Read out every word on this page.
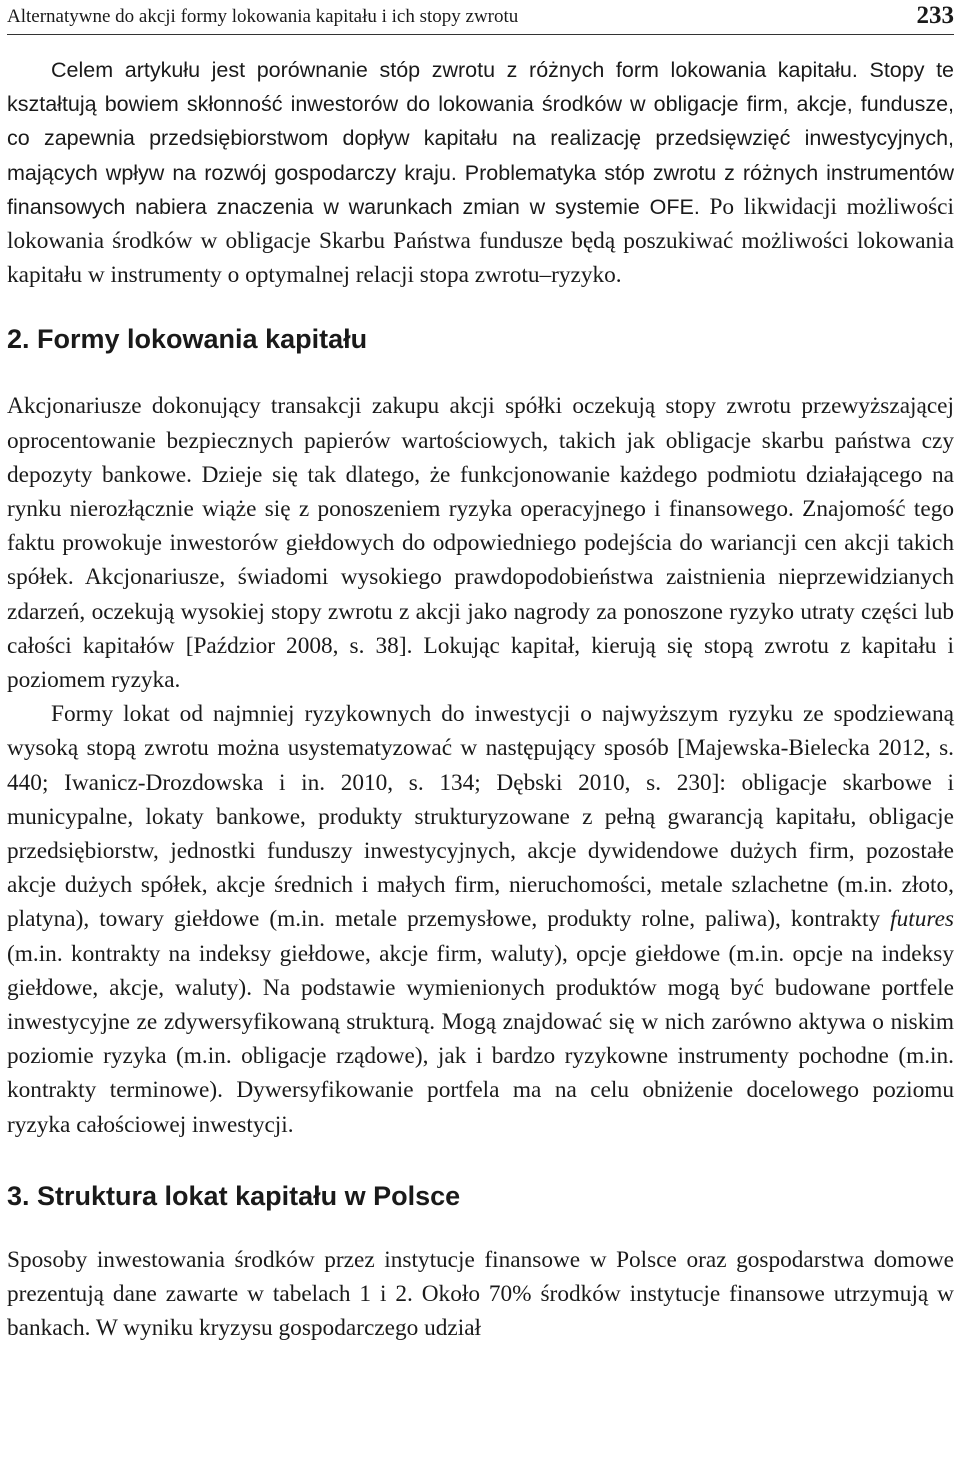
Alternatywne do akcji formy lokowania kapitału i ich stopy zwrotu	233

Celem artykułu jest porównanie stóp zwrotu z różnych form lokowania kapitału. Stopy te kształtują bowiem skłonność inwestorów do lokowania środków w obligacje firm, akcje, fundusze, co zapewnia przedsiębiorstwom dopływ kapitału na realizację przedsięwzięć inwestycyjnych, mających wpływ na rozwój gospodarczy kraju. Problematyka stóp zwrotu z różnych instrumentów finansowych nabiera znaczenia w warunkach zmian w systemie OFE. Po likwidacji możliwości lokowania środków w obligacje Skarbu Państwa fundusze będą poszukiwać możliwości lokowania kapitału w instrumenty o optymalnej relacji stopa zwrotu–ryzyko.

2. Formy lokowania kapitału

Akcjonariusze dokonujący transakcji zakupu akcji spółki oczekują stopy zwrotu przewyższającej oprocentowanie bezpiecznych papierów wartościowych, takich jak obligacje skarbu państwa czy depozyty bankowe. Dzieje się tak dlatego, że funkcjonowanie każdego podmiotu działającego na rynku nierozłącznie wiąże się z ponoszeniem ryzyka operacyjnego i finansowego. Znajomość tego faktu prowokuje inwestorów giełdowych do odpowiedniego podejścia do wariancji cen akcji takich spółek. Akcjonariusze, świadomi wysokiego prawdopodobieństwa zaistnienia nieprzewidzianych zdarzeń, oczekują wysokiej stopy zwrotu z akcji jako nagrody za ponoszone ryzyko utraty części lub całości kapitałów [Paździor 2008, s. 38]. Lokując kapitał, kierują się stopą zwrotu z kapitału i poziomem ryzyka.

Formy lokat od najmniej ryzykownych do inwestycji o najwyższym ryzyku ze spodziewaną wysoką stopą zwrotu można usystematyzować w następujący sposób [Majewska-Bielecka 2012, s. 440; Iwanicz-Drozdowska i in. 2010, s. 134; Dębski 2010, s. 230]: obligacje skarbowe i municypalne, lokaty bankowe, produkty strukturyzowane z pełną gwarancją kapitału, obligacje przedsiębiorstw, jednostki funduszy inwestycyjnych, akcje dywidendowe dużych firm, pozostałe akcje dużych spółek, akcje średnich i małych firm, nieruchomości, metale szlachetne (m.in. złoto, platyna), towary giełdowe (m.in. metale przemysłowe, produkty rolne, paliwa), kontrakty futures (m.in. kontrakty na indeksy giełdowe, akcje firm, waluty), opcje giełdowe (m.in. opcje na indeksy giełdowe, akcje, waluty). Na podstawie wymienionych produktów mogą być budowane portfele inwestycyjne ze zdywersyfikowaną strukturą. Mogą znajdować się w nich zarówno aktywa o niskim poziomie ryzyka (m.in. obligacje rządowe), jak i bardzo ryzykowne instrumenty pochodne (m.in. kontrakty terminowe). Dywersyfikowanie portfela ma na celu obniżenie docelowego poziomu ryzyka całościowej inwestycji.

3. Struktura lokat kapitału w Polsce

Sposoby inwestowania środków przez instytucje finansowe w Polsce oraz gospodarstwa domowe prezentują dane zawarte w tabelach 1 i 2. Około 70% środków instytucje finansowe utrzymują w bankach. W wyniku kryzysu gospodarczego udział
